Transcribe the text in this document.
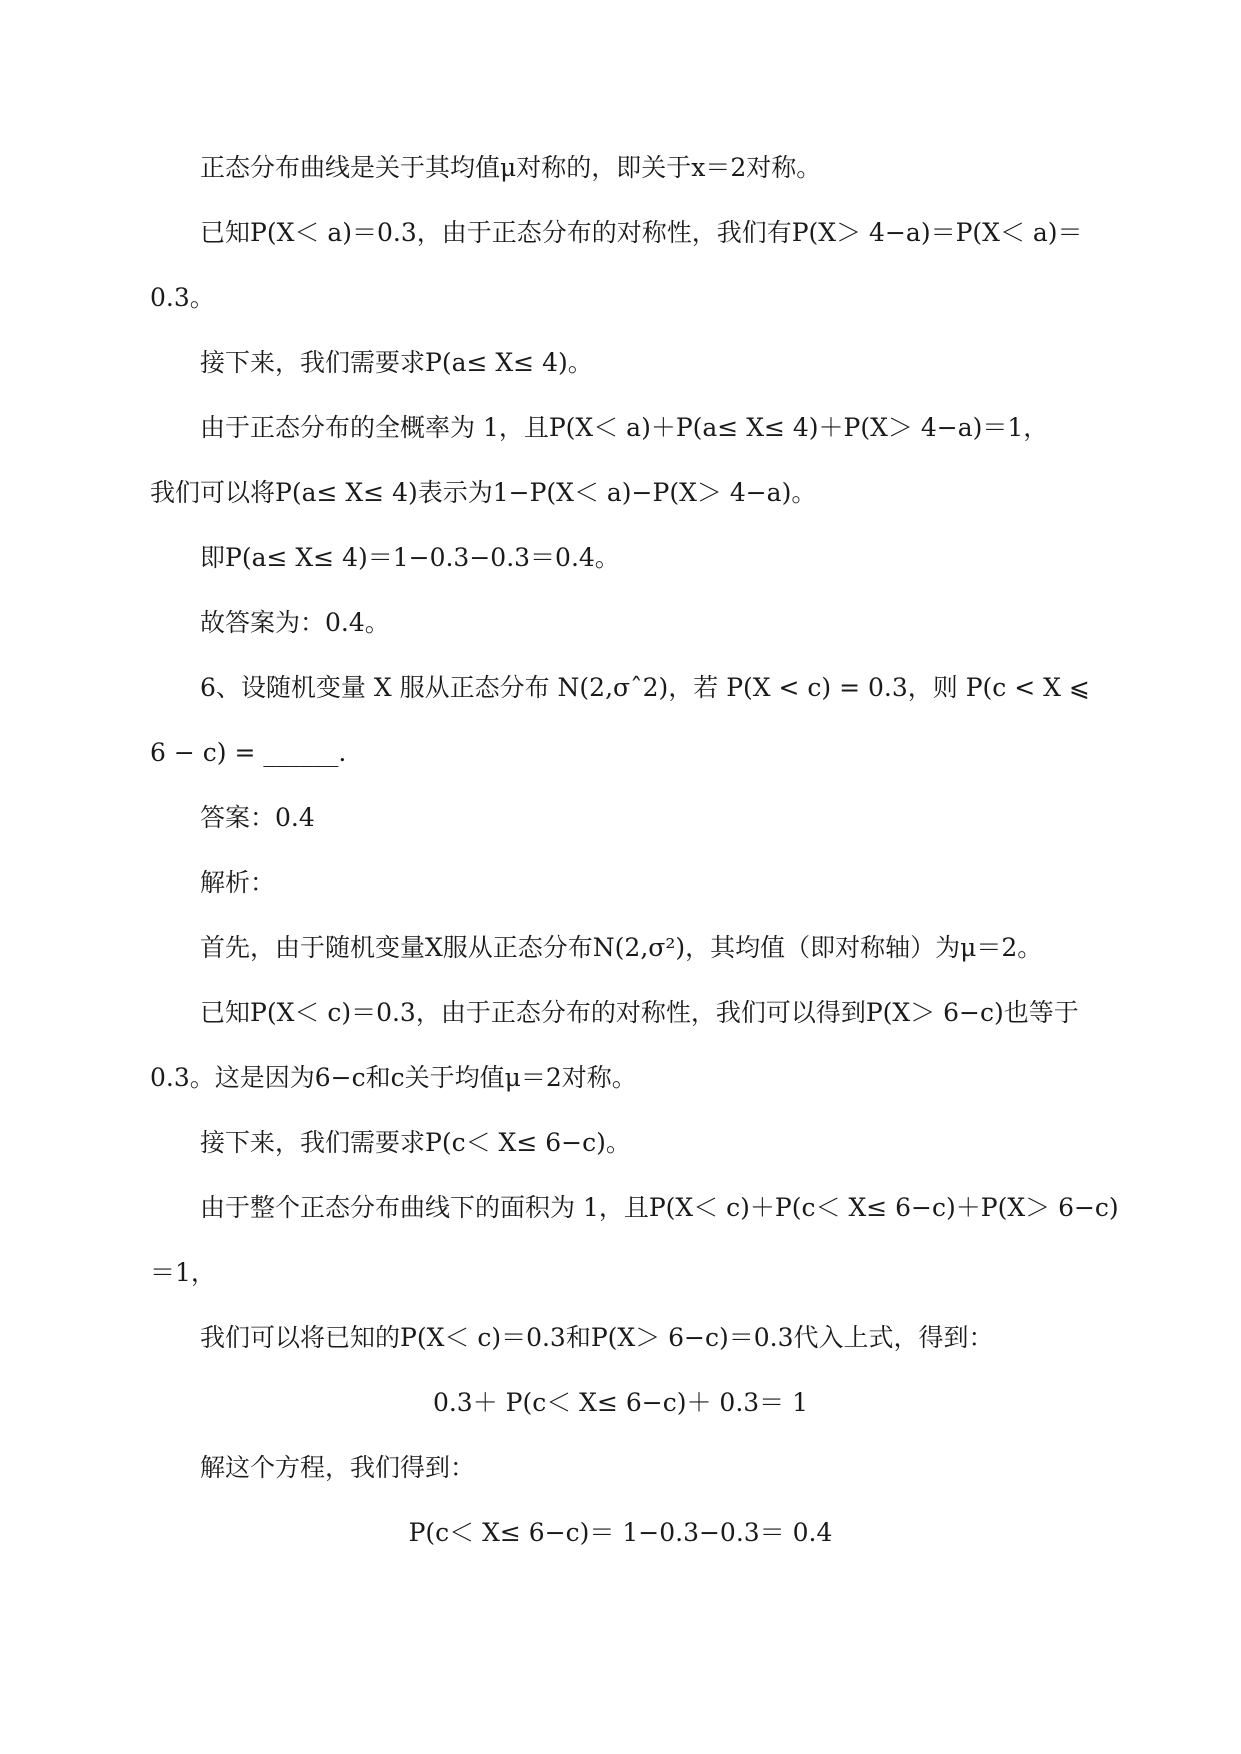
正态分布曲线是关于其均值μ对称的，即关于x＝2对称。
已知P(X＜ a)＝0.3，由于正态分布的对称性，我们有P(X＞ 4−a)＝P(X＜ a)＝
0.3。
接下来，我们需要求P(a≤ X≤ 4)。
由于正态分布的全概率为 1，且P(X＜ a)＋P(a≤ X≤ 4)＋P(X＞ 4−a)＝1，
我们可以将P(a≤ X≤ 4)表示为1−P(X＜ a)−P(X＞ 4−a)。
即P(a≤ X≤ 4)＝1−0.3−0.3＝0.4。
故答案为：0.4。
6、设随机变量 X 服从正态分布 N(2,σˆ2)，若 P(X < c) = 0.3，则 P(c < X ⩽
6 − c) = ______.
答案：0.4
解析：
首先，由于随机变量X服从正态分布N(2,σ²)，其均值（即对称轴）为μ＝2。
已知P(X＜ c)＝0.3，由于正态分布的对称性，我们可以得到P(X＞ 6−c)也等于
0.3。这是因为6−c和c关于均值μ＝2对称。
接下来，我们需要求P(c＜ X≤ 6−c)。
由于整个正态分布曲线下的面积为 1，且P(X＜ c)＋P(c＜ X≤ 6−c)＋P(X＞ 6−c)
＝1，
我们可以将已知的P(X＜ c)＝0.3和P(X＞ 6−c)＝0.3代入上式，得到：
0.3＋ P(c＜ X≤ 6−c)＋ 0.3＝ 1
解这个方程，我们得到：
P(c＜ X≤ 6−c)＝ 1−0.3−0.3＝ 0.4
